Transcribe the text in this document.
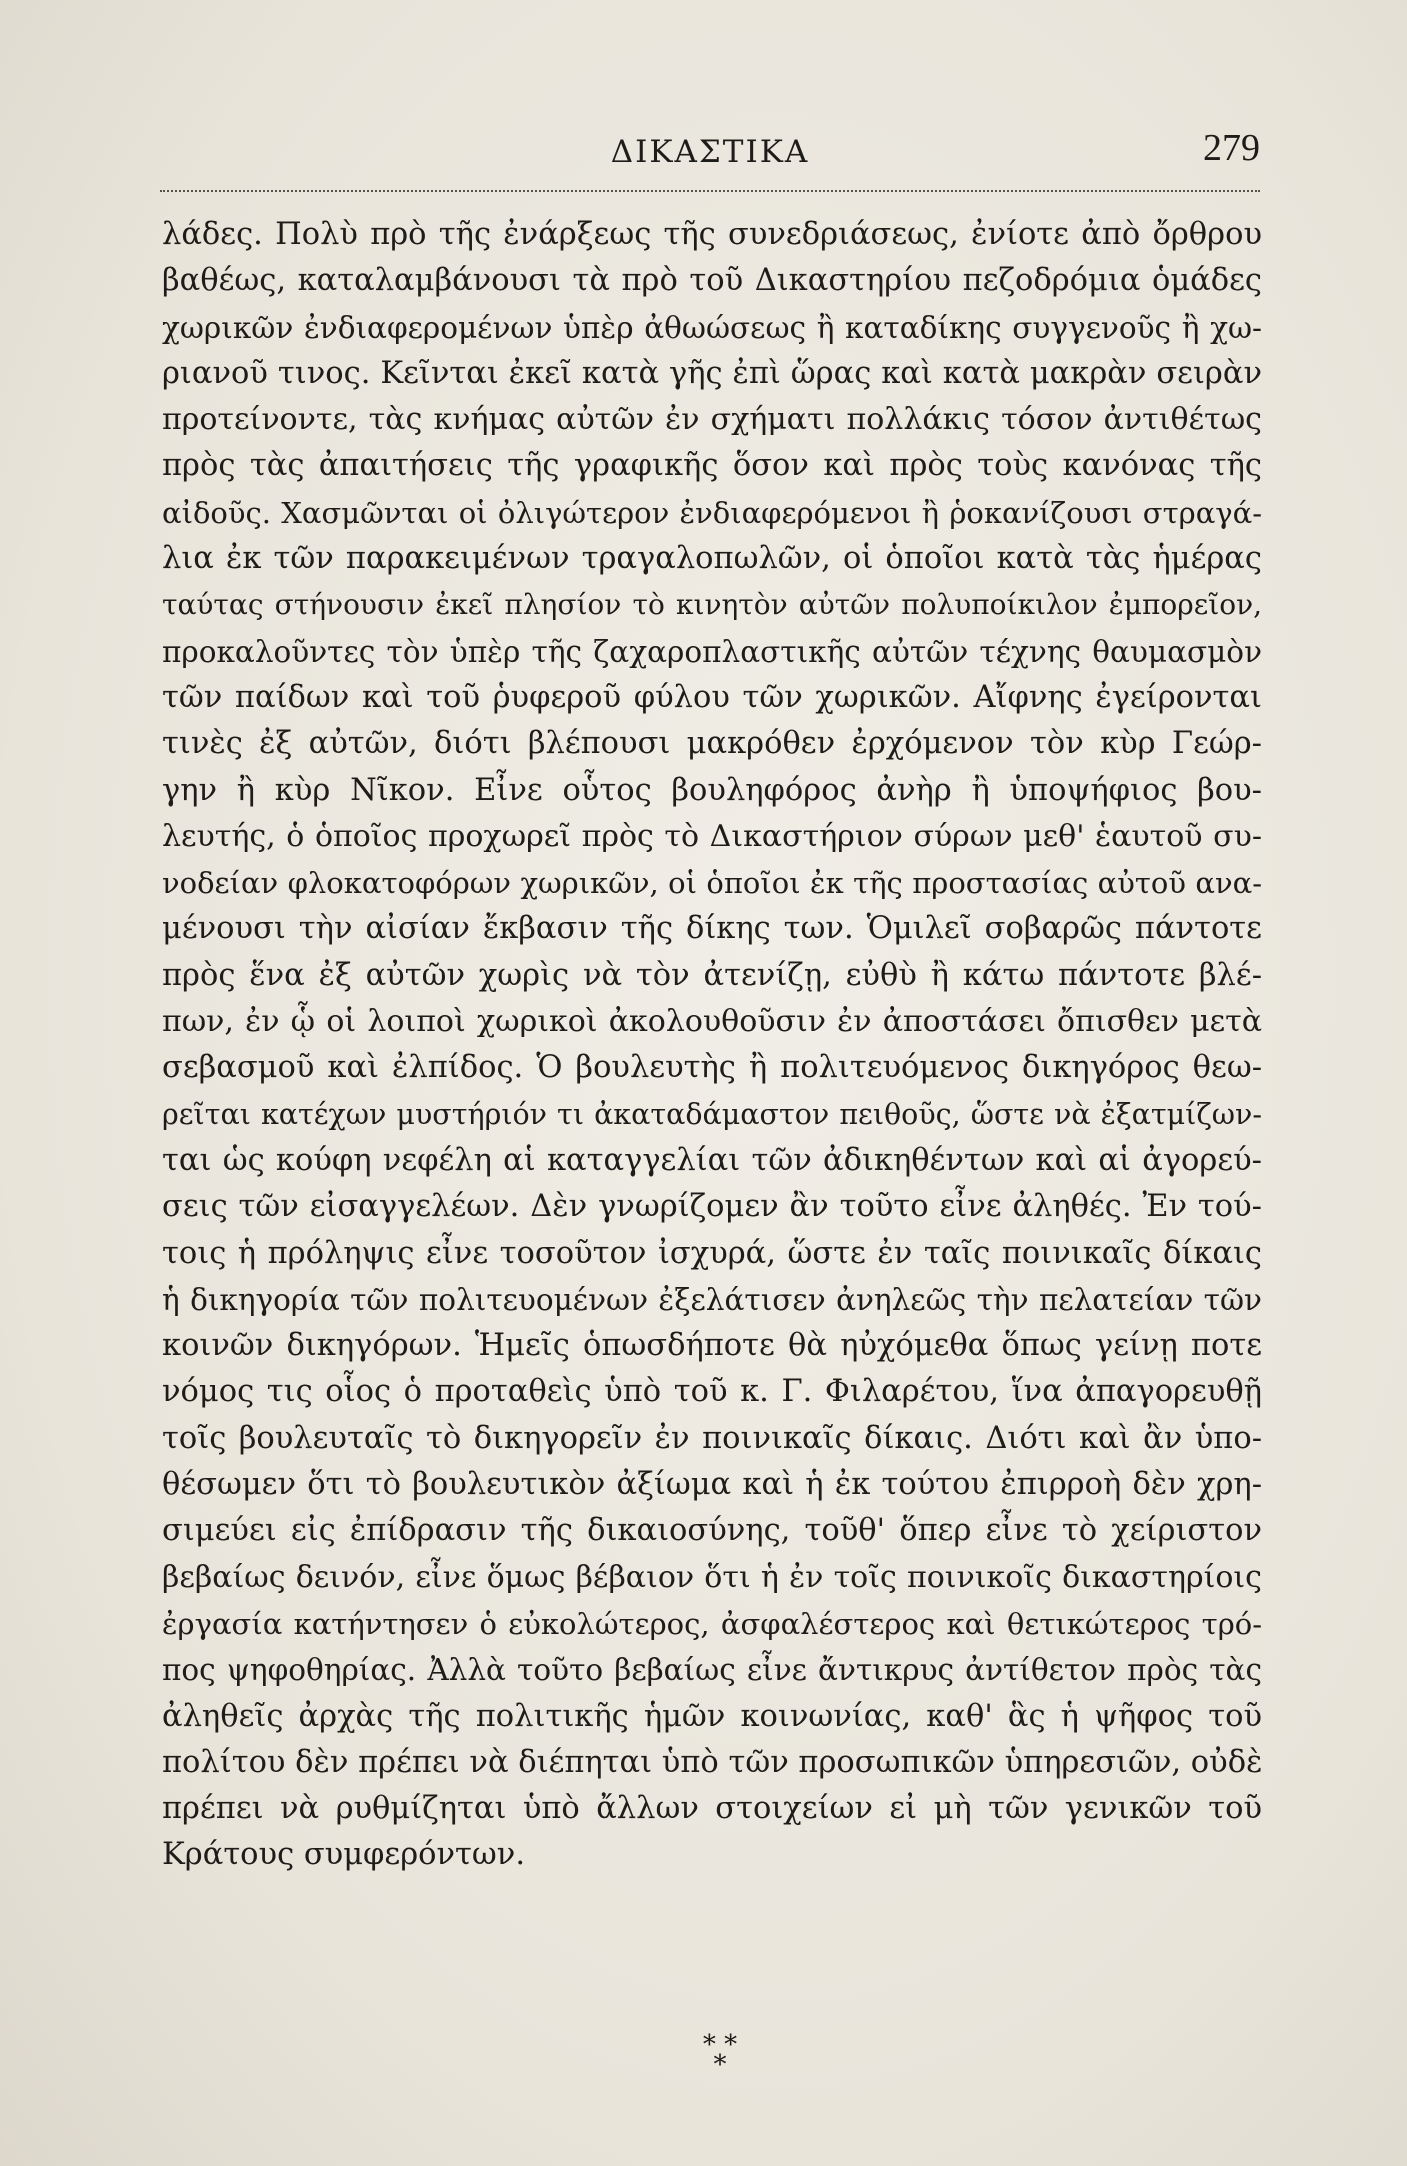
ΔΙΚΑΣΤΙΚΑ	279
λάδες. Πολὺ πρὸ τῆς ἐνάρξεως τῆς συνεδριάσεως, ἐνίοτε ἀπὸ ὄρθρου
βαθέως, καταλαμβάνουσι τὰ πρὸ τοῦ Δικαστηρίου πεζοδρόμια ὁμάδες
χωρικῶν ἐνδιαφερομένων ὑπὲρ ἀθωώσεως ἢ καταδίκης συγγενοῦς ἢ χω-
ριανοῦ τινος. Κεῖνται ἐκεῖ κατὰ γῆς ἐπὶ ὥρας καὶ κατὰ μακρὰν σειρὰν
προτείνοντε, τὰς κνήμας αὐτῶν ἐν σχήματι πολλάκις τόσον ἀντιθέτως
πρὸς τὰς ἀπαιτήσεις τῆς γραφικῆς ὅσον καὶ πρὸς τοὺς κανόνας τῆς
αἰδοῦς. Χασμῶνται οἱ ὀλιγώτερον ἐνδιαφερόμενοι ἢ ῥοκανίζουσι στραγά-
λια ἐκ τῶν παρακειμένων τραγαλοπωλῶν, οἱ ὁποῖοι κατὰ τὰς ἡμέρας
ταύτας στήνουσιν ἐκεῖ πλησίον τὸ κινητὸν αὐτῶν πολυποίκιλον ἐμπορεῖον,
προκαλοῦντες τὸν ὑπὲρ τῆς ζαχαροπλαστικῆς αὐτῶν τέχνης θαυμασμὸν
τῶν παίδων καὶ τοῦ ῥυφεροῦ φύλου τῶν χωρικῶν. Αἴφνης ἐγείρονται
τινὲς ἐξ αὐτῶν, διότι βλέπουσι μακρόθεν ἐρχόμενον τὸν κὺρ Γεώρ-
γην ἢ κὺρ Νῖκον. Εἶνε οὗτος βουληφόρος ἀνὴρ ἢ ὑποψήφιος βου-
λευτής, ὁ ὁποῖος προχωρεῖ πρὸς τὸ Δικαστήριον σύρων μεθ' ἑαυτοῦ συ-
νοδείαν φλοκατοφόρων χωρικῶν, οἱ ὁποῖοι ἐκ τῆς προστασίας αὐτοῦ ανα-
μένουσι τὴν αἰσίαν ἔκβασιν τῆς δίκης των. Ὁμιλεῖ σοβαρῶς πάντοτε
πρὸς ἕνα ἐξ αὐτῶν χωρὶς νὰ τὸν ἀτενίζῃ, εὐθὺ ἢ κάτω πάντοτε βλέ-
πων, ἐν ᾧ οἱ λοιποὶ χωρικοὶ ἀκολουθοῦσιν ἐν ἀποστάσει ὄπισθεν μετὰ
σεβασμοῦ καὶ ἐλπίδος. Ὁ βουλευτὴς ἢ πολιτευόμενος δικηγόρος θεω-
ρεῖται κατέχων μυστήριόν τι ἀκαταδάμαστον πειθοῦς, ὥστε νὰ ἐξατμίζων-
ται ὡς κούφη νεφέλη αἱ καταγγελίαι τῶν ἀδικηθέντων καὶ αἱ ἀγορεύ-
σεις τῶν εἰσαγγελέων. Δὲν γνωρίζομεν ἂν τοῦτο εἶνε ἀληθές. Ἐν τού-
τοις ἡ πρόληψις εἶνε τοσοῦτον ἰσχυρά, ὥστε ἐν ταῖς ποινικαῖς δίκαις
ἡ δικηγορία τῶν πολιτευομένων ἐξελάτισεν ἀνηλεῶς τὴν πελατείαν τῶν
κοινῶν δικηγόρων. Ἡμεῖς ὁπωσδήποτε θὰ ηὐχόμεθα ὅπως γείνῃ ποτε
νόμος τις οἷος ὁ προταθεὶς ὑπὸ τοῦ κ. Γ. Φιλαρέτου, ἵνα ἀπαγορευθῇ
τοῖς βουλευταῖς τὸ δικηγορεῖν ἐν ποινικαῖς δίκαις. Διότι καὶ ἂν ὑπο-
θέσωμεν ὅτι τὸ βουλευτικὸν ἀξίωμα καὶ ἡ ἐκ τούτου ἐπιρροὴ δὲν χρη-
σιμεύει εἰς ἐπίδρασιν τῆς δικαιοσύνης, τοῦθ' ὅπερ εἶνε τὸ χείριστον
βεβαίως δεινόν, εἶνε ὅμως βέβαιον ὅτι ἡ ἐν τοῖς ποινικοῖς δικαστηρίοις
ἐργασία κατήντησεν ὁ εὐκολώτερος, ἀσφαλέστερος καὶ θετικώτερος τρό-
πος ψηφοθηρίας. Ἀλλὰ τοῦτο βεβαίως εἶνε ἄντικρυς ἀντίθετον πρὸς τὰς
ἀληθεῖς ἀρχὰς τῆς πολιτικῆς ἡμῶν κοινωνίας, καθ' ἃς ἡ ψῆφος τοῦ
πολίτου δὲν πρέπει νὰ διέπηται ὑπὸ τῶν προσωπικῶν ὑπηρεσιῶν, οὐδὲ
πρέπει νὰ ρυθμίζηται ὑπὸ ἄλλων στοιχείων εἰ μὴ τῶν γενικῶν τοῦ
Κράτους συμφερόντων.
* *
*
